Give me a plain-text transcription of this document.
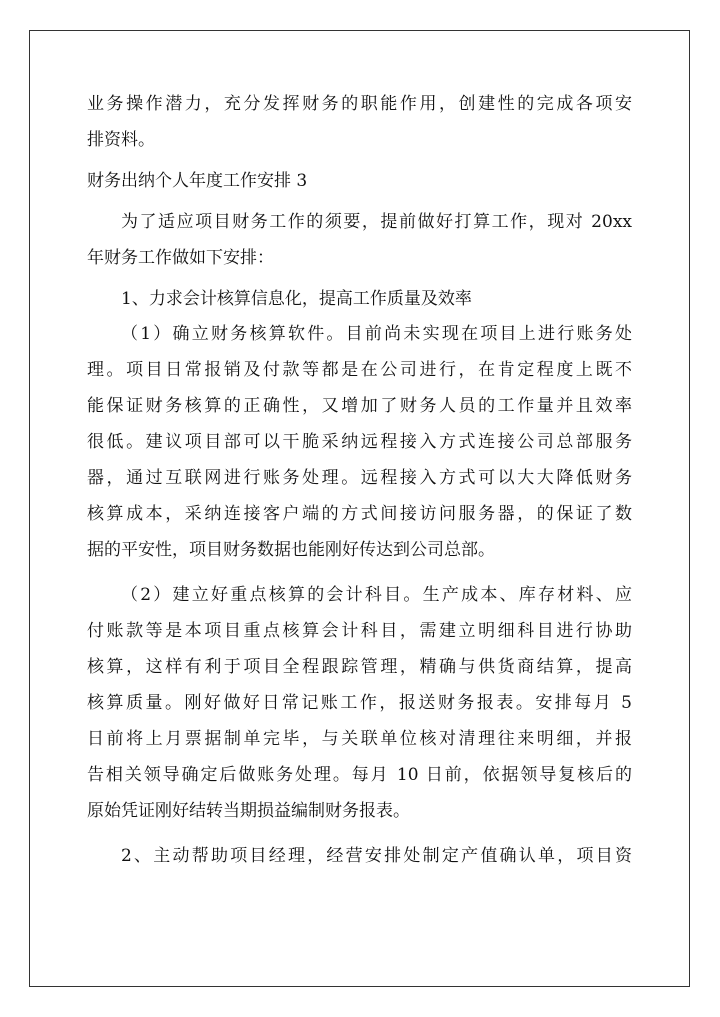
业务操作潜力，充分发挥财务的职能作用，创建性的完成各项安

排资料。

财务出纳个人年度工作安排 3

为了适应项目财务工作的须要，提前做好打算工作，现对 20xx

年财务工作做如下安排：

1、力求会计核算信息化，提高工作质量及效率

（1）确立财务核算软件。目前尚未实现在项目上进行账务处

理。项目日常报销及付款等都是在公司进行，在肯定程度上既不

能保证财务核算的正确性，又增加了财务人员的工作量并且效率

很低。建议项目部可以干脆采纳远程接入方式连接公司总部服务

器，通过互联网进行账务处理。远程接入方式可以大大降低财务

核算成本，采纳连接客户端的方式间接访问服务器，的保证了数

据的平安性，项目财务数据也能刚好传达到公司总部。

（2）建立好重点核算的会计科目。生产成本、库存材料、应

付账款等是本项目重点核算会计科目，需建立明细科目进行协助

核算，这样有利于项目全程跟踪管理，精确与供货商结算，提高

核算质量。刚好做好日常记账工作，报送财务报表。安排每月 5

日前将上月票据制单完毕，与关联单位核对清理往来明细，并报

告相关领导确定后做账务处理。每月 10 日前，依据领导复核后的

原始凭证刚好结转当期损益编制财务报表。

2、主动帮助项目经理，经营安排处制定产值确认单，项目资
